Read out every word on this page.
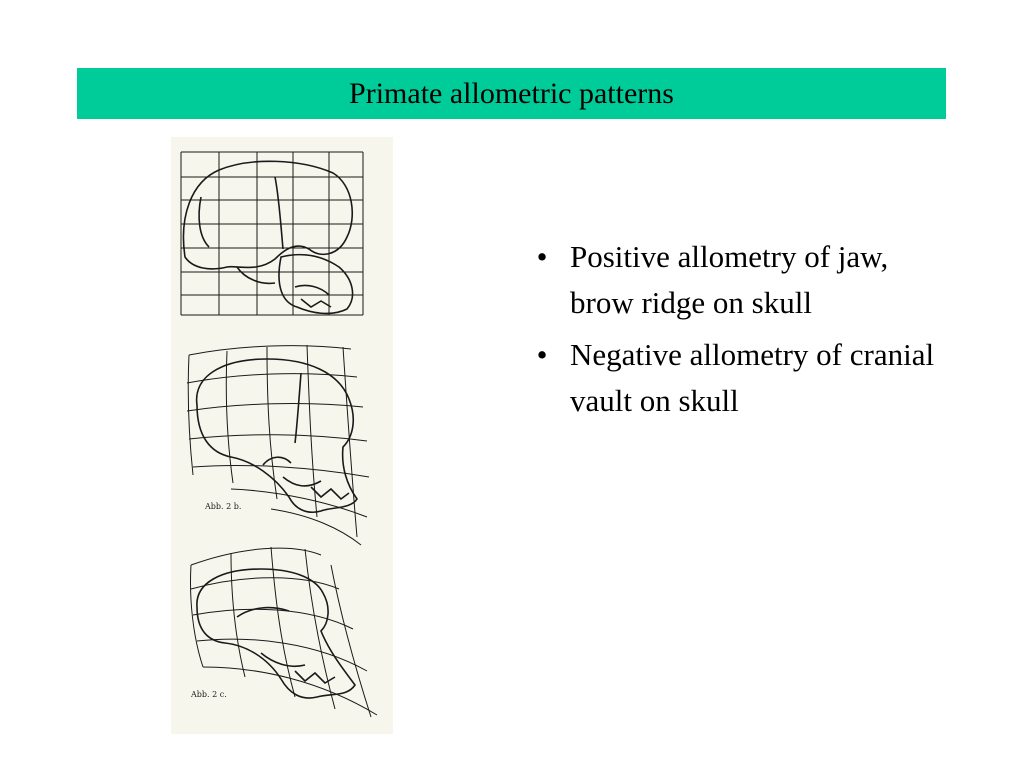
Primate allometric patterns
Abb. 2 b.
Abb. 2 c.
• Positive allometry of jaw, brow ridge on skull
• Negative allometry of cranial vault on skull
